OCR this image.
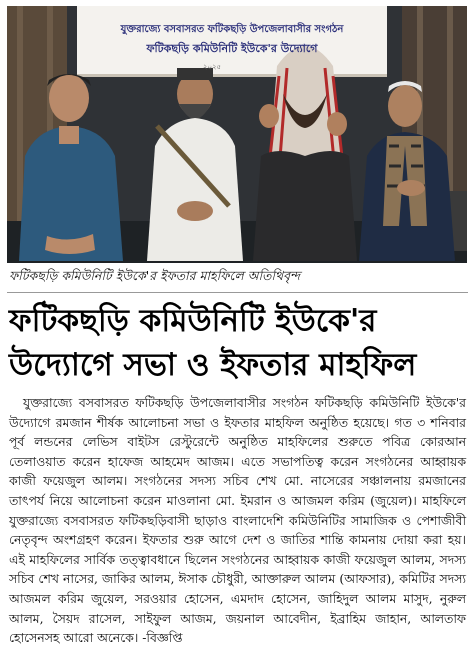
যুক্তরাজ্যে বসবাসরত ফটিকছড়ি উপজেলাবাসীর সংগঠন
ফটিকছড়ি কমিউনিটি ইউকে'র উদ্যোগে
২০২৫
ফটিকছড়ি কমিউনিটি ইউকে'র ইফতার মাহফিলে অতিথিবৃন্দ
ফটিকছড়ি কমিউনিটি ইউকে'র
উদ্যোগে সভা ও ইফতার মাহফিল

যুক্তরাজ্যে বসবাসরত ফটিকছড়ি উপজেলাবাসীর সংগঠন ফটিকছড়ি কমিউনিটি ইউকে'র উদ্যোগে রমজান শীর্ষক আলোচনা সভা ও ইফতার মাহফিল অনুষ্ঠিত হয়েছে। গত ৩ শনিবার পূর্ব লন্ডনের লেভিস বাইটস রেস্টুরেন্টে অনুষ্ঠিত মাহফিলের শুরুতে পবিত্র কোরআন তেলাওয়াত করেন হাফেজ আহমেদ আজম। এতে সভাপতিত্ব করেন সংগঠনের আহ্বায়ক কাজী ফয়েজুল আলম। সংগঠনের সদস্য সচিব শেখ মো. নাসেরের সঞ্চালনায় রমজানের তাৎপর্য নিয়ে আলোচনা করেন মাওলানা মো. ইমরান ও আজমল করিম (জুয়েল)। মাহফিলে যুক্তরাজ্যে বসবাসরত ফটিকছড়িবাসী ছাড়াও বাংলাদেশি কমিউনিটির সামাজিক ও পেশাজীবী নেতৃবৃন্দ অংশগ্রহণ করেন। ইফতার শুরু আগে দেশ ও জাতির শান্তি কামনায় দোয়া করা হয়। এই মাহফিলের সার্বিক তত্ত্বাবধানে ছিলেন সংগঠনের আহ্বায়ক কাজী ফয়েজুল আলম, সদস্য সচিব শেখ নাসের, জাকির আলম, ঈসাক চৌধুরী, আক্তারুল আলম (আফসার), কমিটির সদস্য আজমল করিম জুয়েল, সরওয়ার হোসেন, এমদাদ হোসেন, জাহিদুল আলম মাসুদ, নুরুল আলম, সৈয়দ রাসেল, সাইফুল আজম, জয়নাল আবেদীন, ইব্রাহিম জাহান, আলতাফ হোসেনসহ আরো অনেকে। -বিজ্ঞপ্তি
